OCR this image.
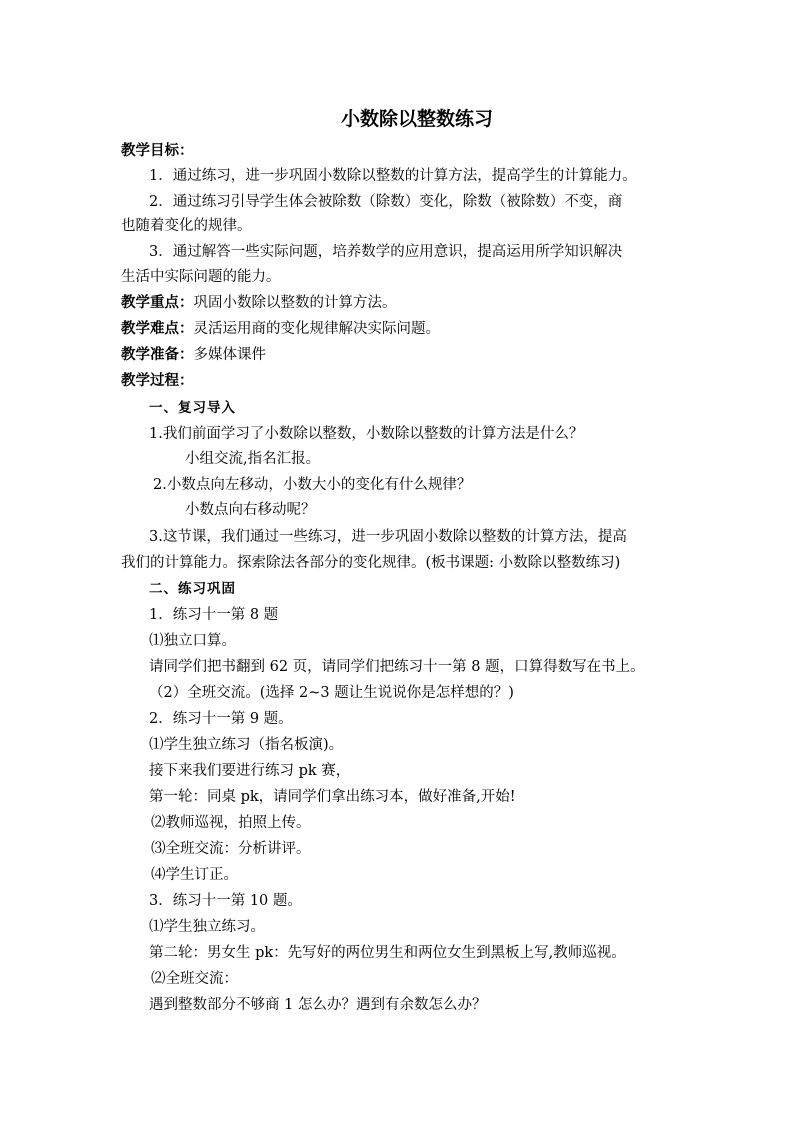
小数除以整数练习
教学目标：
1．通过练习，进一步巩固小数除以整数的计算方法，提高学生的计算能力。
2．通过练习引导学生体会被除数（除数）变化，除数（被除数）不变，商
也随着变化的规律。
3．通过解答一些实际问题，培养数学的应用意识，提高运用所学知识解决
生活中实际问题的能力。
教学重点：巩固小数除以整数的计算方法。
教学难点：灵活运用商的变化规律解决实际问题。
教学准备：多媒体课件
教学过程：
一、复习导入
1.我们前面学习了小数除以整数，小数除以整数的计算方法是什么？
小组交流,指名汇报。
2.小数点向左移动，小数大小的变化有什么规律？
小数点向右移动呢？
3.这节课，我们通过一些练习，进一步巩固小数除以整数的计算方法，提高
我们的计算能力。探索除法各部分的变化规律。(板书课题: 小数除以整数练习)
二、练习巩固
1．练习十一第 8 题
⑴独立口算。
请同学们把书翻到 62 页，请同学们把练习十一第 8 题，口算得数写在书上。
（2）全班交流。(选择 2~3 题让生说说你是怎样想的？)
2．练习十一第 9 题。
⑴学生独立练习（指名板演)。
接下来我们要进行练习 pk 赛，
第一轮：同桌 pk，请同学们拿出练习本，做好准备,开始!
⑵教师巡视，拍照上传。
⑶全班交流：分析讲评。
⑷学生订正。
3．练习十一第 10 题。
⑴学生独立练习。
第二轮：男女生 pk：先写好的两位男生和两位女生到黑板上写,教师巡视。
⑵全班交流：
遇到整数部分不够商 1 怎么办？遇到有余数怎么办？
